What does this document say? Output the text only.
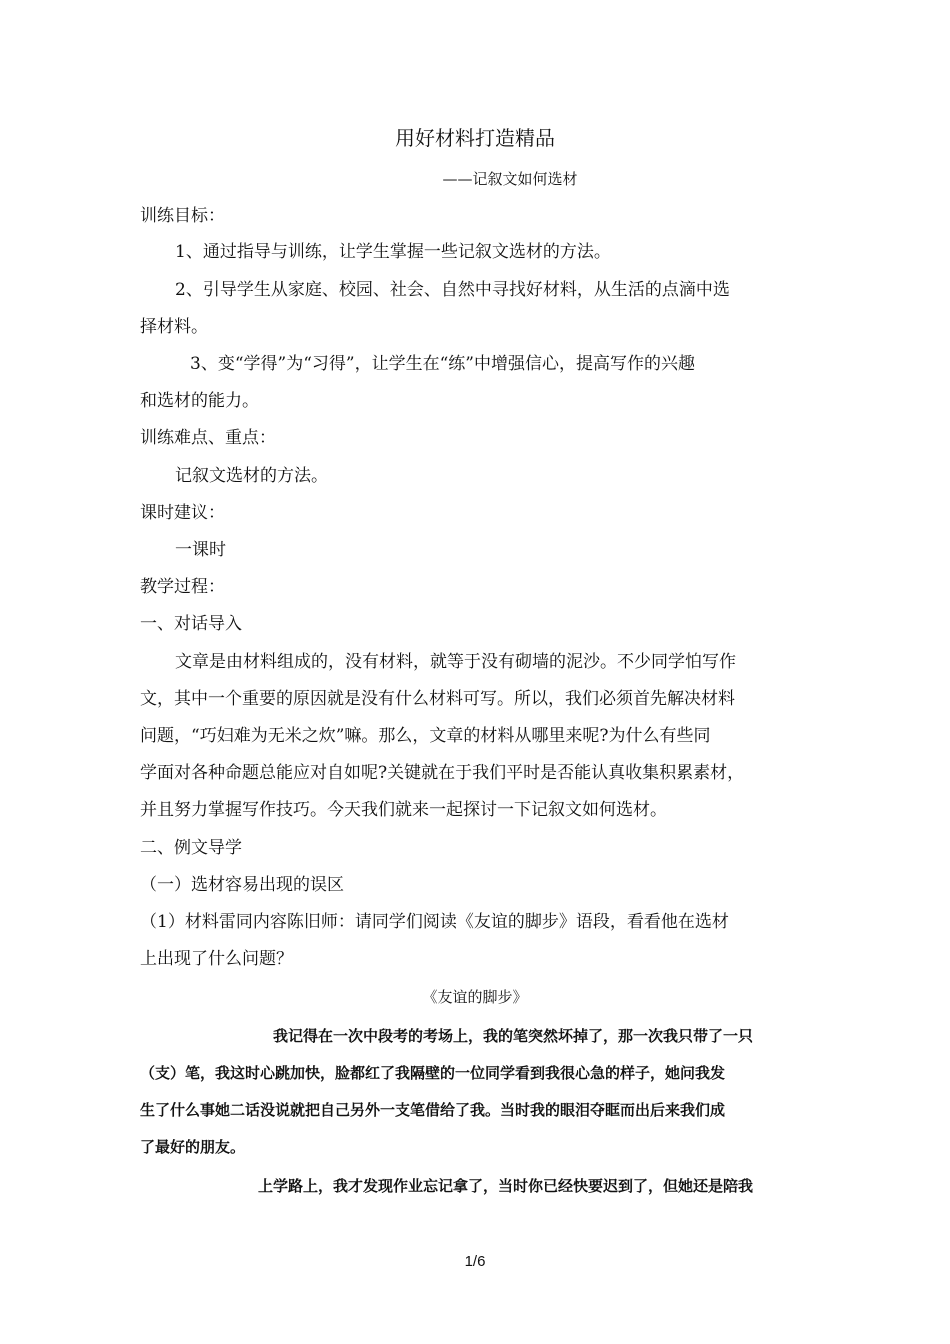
用好材料打造精品
——记叙文如何选材
训练目标：
1、通过指导与训练，让学生掌握一些记叙文选材的方法。
2、引导学生从家庭、校园、社会、自然中寻找好材料，从生活的点滴中选
择材料。
3、变“学得”为“习得”，让学生在“练”中增强信心，提高写作的兴趣
和选材的能力。
训练难点、重点：
记叙文选材的方法。
课时建议：
一课时
教学过程：
一、对话导入
文章是由材料组成的，没有材料，就等于没有砌墙的泥沙。不少同学怕写作
文，其中一个重要的原因就是没有什么材料可写。所以，我们必须首先解决材料
问题，“巧妇难为无米之炊”嘛。那么，文章的材料从哪里来呢?为什么有些同
学面对各种命题总能应对自如呢?关键就在于我们平时是否能认真收集积累素材，
并且努力掌握写作技巧。今天我们就来一起探讨一下记叙文如何选材。
二、例文导学
（一）选材容易出现的误区
（1）材料雷同内容陈旧师：请同学们阅读《友谊的脚步》语段，看看他在选材
上出现了什么问题？
《友谊的脚步》
我记得在一次中段考的考场上，我的笔突然坏掉了，那一次我只带了一只
（支）笔，我这时心跳加快，脸都红了我隔壁的一位同学看到我很心急的样子，她问我发
生了什么事她二话没说就把自己另外一支笔借给了我。当时我的眼泪夺眶而出后来我们成
了最好的朋友。
上学路上，我才发现作业忘记拿了，当时你已经快要迟到了，但她还是陪我
1/6
